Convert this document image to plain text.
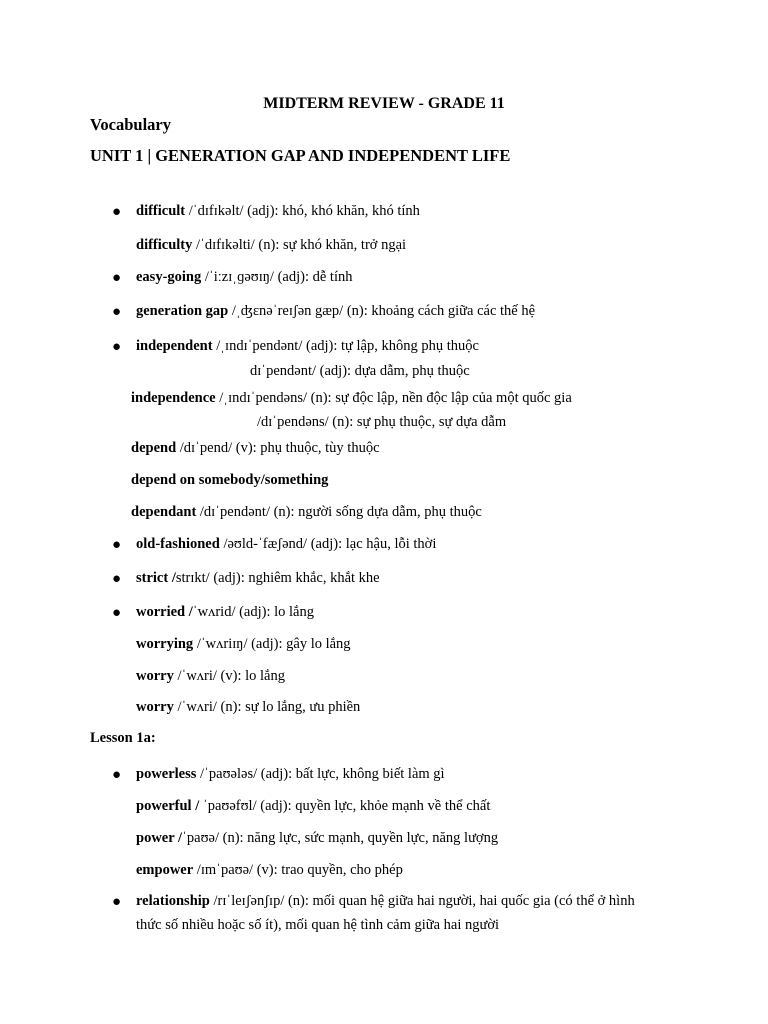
MIDTERM REVIEW - GRADE 11
Vocabulary
UNIT 1 | GENERATION GAP AND INDEPENDENT LIFE
● difficult /ˈdɪfɪkəlt/ (adj): khó, khó khăn, khó tính
difficulty /ˈdɪfɪkəlti/ (n): sự khó khăn, trở ngại
● easy-going /ˈiːzɪˌɡəʊɪŋ/ (adj): dễ tính
● generation gap /ˌʤɛnəˈreɪʃən gæp/ (n): khoảng cách giữa các thế hệ
● independent /ˌɪndɪˈpendənt/ (adj): tự lập, không phụ thuộc
dɪˈpendənt/ (adj): dựa dẫm, phụ thuộc
independence /ˌɪndɪˈpendəns/ (n): sự độc lập, nền độc lập của một quốc gia
/dɪˈpendəns/ (n): sự phụ thuộc, sự dựa dẫm
depend /dɪˈpend/ (v): phụ thuộc, tùy thuộc
depend on somebody/something
dependant /dɪˈpendənt/ (n): người sống dựa dẫm, phụ thuộc
● old-fashioned /əʊld-ˈfæʃənd/ (adj): lạc hậu, lỗi thời
● strict /strɪkt/ (adj): nghiêm khắc, khắt khe
● worried /ˈwʌrid/ (adj): lo lắng
worrying /ˈwʌriɪŋ/ (adj): gây lo lắng
worry /ˈwʌri/ (v): lo lắng
worry /ˈwʌri/ (n): sự lo lắng, ưu phiền
Lesson 1a:
● powerless /ˈpaʊələs/ (adj): bất lực, không biết làm gì
powerful / ˈpaʊəfʊl/ (adj): quyền lực, khỏe mạnh về thể chất
power /ˈpaʊə/ (n): năng lực, sức mạnh, quyền lực, năng lượng
empower /ɪmˈpaʊə/ (v): trao quyền, cho phép
● relationship /rɪˈleɪʃənʃɪp/ (n): mối quan hệ giữa hai người, hai quốc gia (có thể ở hình
thức số nhiều hoặc số ít), mối quan hệ tình cảm giữa hai người
